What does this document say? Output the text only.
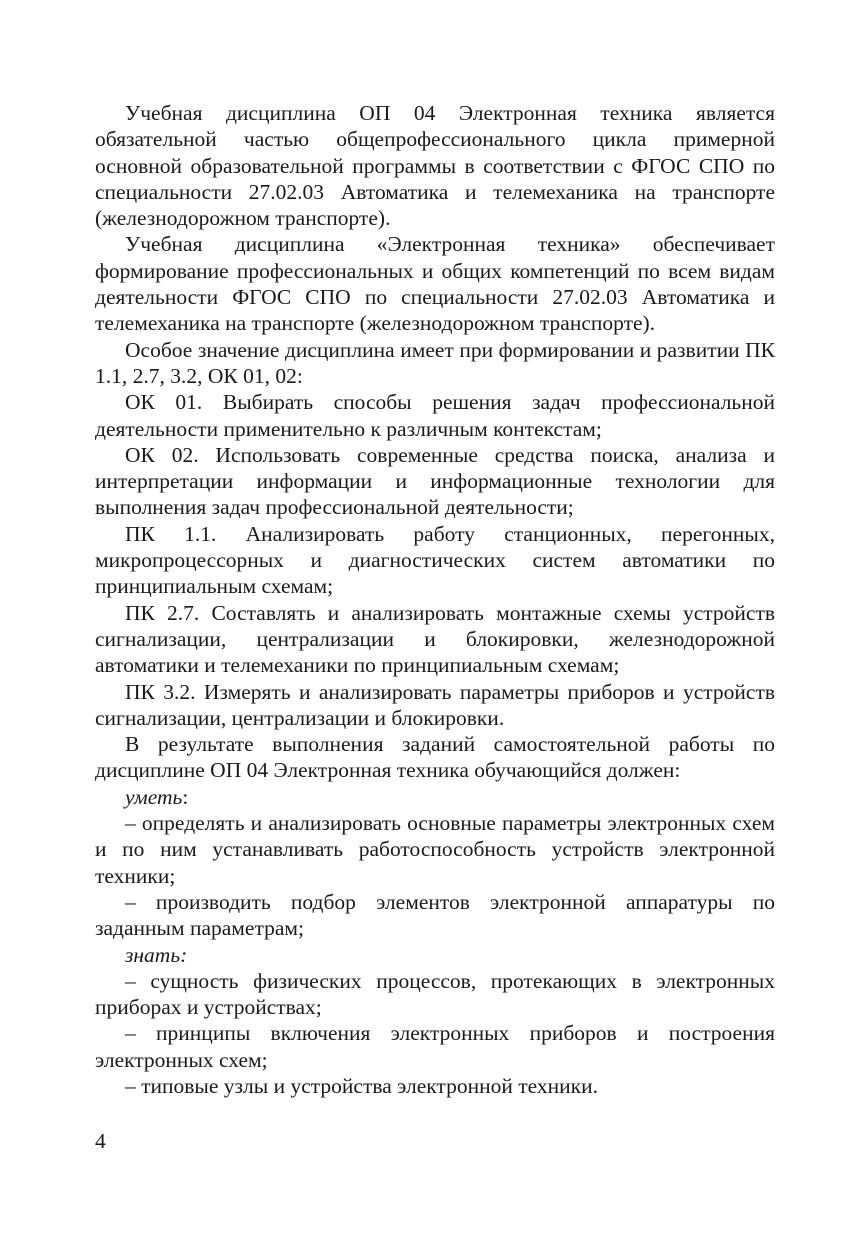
Учебная дисциплина ОП 04 Электронная техника является обязательной частью общепрофессионального цикла примерной основной образовательной программы в соответствии с ФГОС СПО по специальности 27.02.03 Автоматика и телемеханика на транспорте (железнодорожном транспорте).

Учебная дисциплина «Электронная техника» обеспечивает формирование профессиональных и общих компетенций по всем видам деятельности ФГОС СПО по специальности 27.02.03 Автоматика и телемеханика на транспорте (железнодорожном транспорте).

Особое значение дисциплина имеет при формировании и развитии ПК 1.1, 2.7, 3.2, ОК 01, 02:

ОК 01. Выбирать способы решения задач профессиональной деятельности применительно к различным контекстам;

ОК 02. Использовать современные средства поиска, анализа и интерпретации информации и информационные технологии для выполнения задач профессиональной деятельности;

ПК 1.1. Анализировать работу станционных, перегонных, микропроцессорных и диагностических систем автоматики по принципиальным схемам;

ПК 2.7. Составлять и анализировать монтажные схемы устройств сигнализации, централизации и блокировки, железнодорожной автоматики и телемеханики по принципиальным схемам;

ПК 3.2. Измерять и анализировать параметры приборов и устройств сигнализации, централизации и блокировки.

В результате выполнения заданий самостоятельной работы по дисциплине ОП 04 Электронная техника обучающийся должен:

уметь:

– определять и анализировать основные параметры электронных схем и по ним устанавливать работоспособность устройств электронной техники;

– производить подбор элементов электронной аппаратуры по заданным параметрам;

знать:

– сущность физических процессов, протекающих в электронных приборах и устройствах;

– принципы включения электронных приборов и построения электронных схем;

– типовые узлы и устройства электронной техники.

4
